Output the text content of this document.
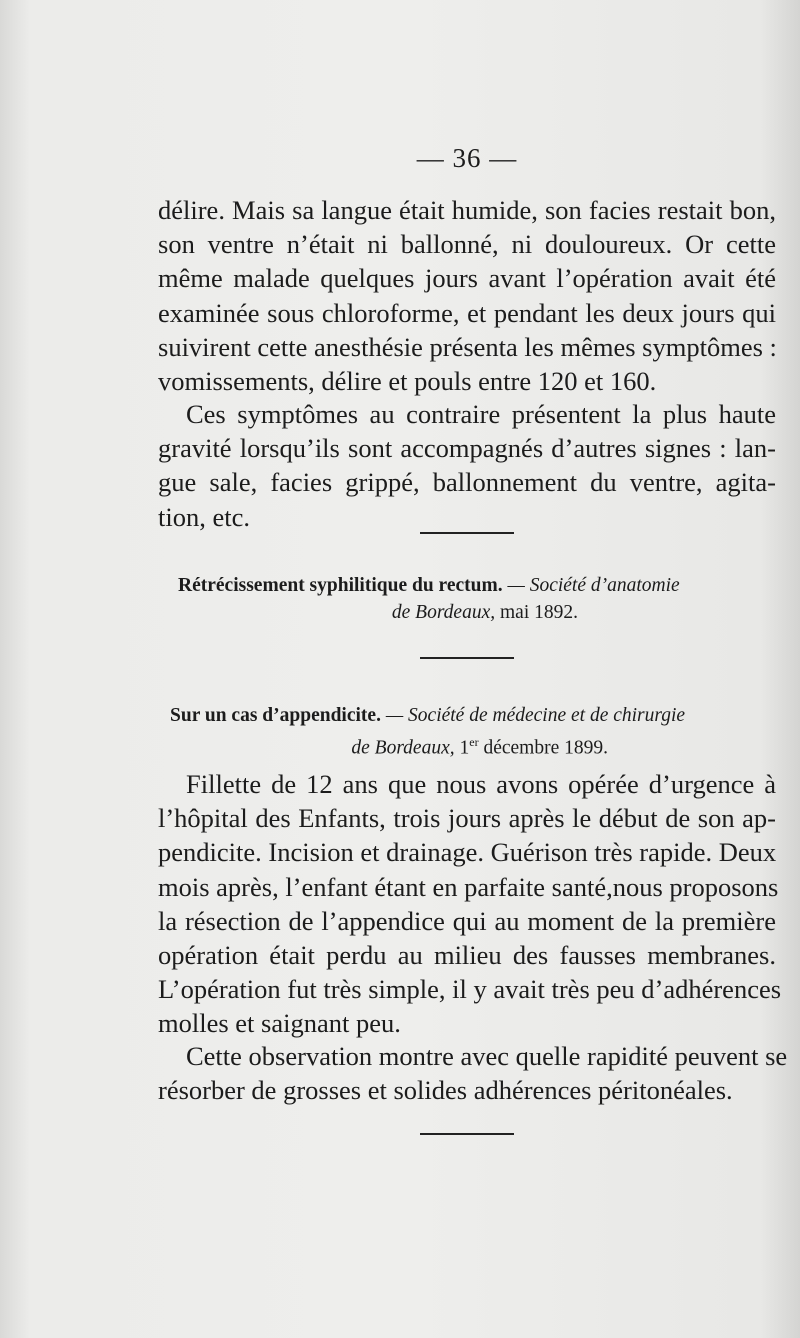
— 36 —
délire. Mais sa langue était humide, son facies restait bon,
son ventre n’était ni ballonné, ni douloureux. Or cette
même malade quelques jours avant l’opération avait été
examinée sous chloroforme, et pendant les deux jours qui
suivirent cette anesthésie présenta les mêmes symptômes :
vomissements, délire et pouls entre 120 et 160.
Ces symptômes au contraire présentent la plus haute
gravité lorsqu’ils sont accompagnés d’autres signes : lan-
gue sale, facies grippé, ballonnement du ventre, agita-
tion, etc.
Rétrécissement syphilitique du rectum. — Société d’anatomie
de Bordeaux, mai 1892.
Sur un cas d’appendicite. — Société de médecine et de chirurgie
de Bordeaux, 1er décembre 1899.
Fillette de 12 ans que nous avons opérée d’urgence à
l’hôpital des Enfants, trois jours après le début de son ap-
pendicite. Incision et drainage. Guérison très rapide. Deux
mois après, l’enfant étant en parfaite santé,nous proposons
la résection de l’appendice qui au moment de la première
opération était perdu au milieu des fausses membranes.
L’opération fut très simple, il y avait très peu d’adhérences
molles et saignant peu.
Cette observation montre avec quelle rapidité peuvent se
résorber de grosses et solides adhérences péritonéales.
